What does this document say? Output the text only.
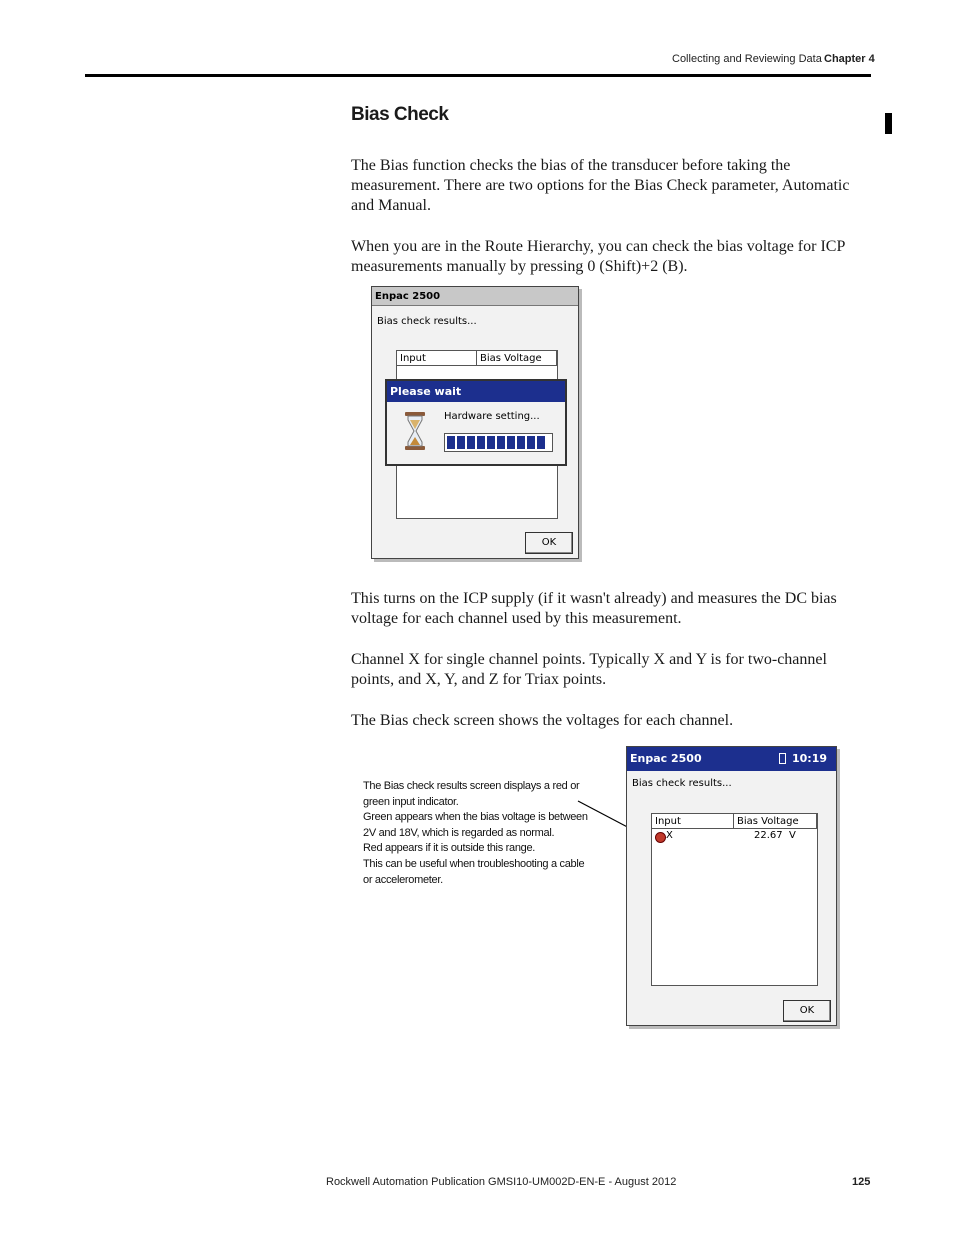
Collecting and Reviewing Data Chapter 4
Bias Check

The Bias function checks the bias of the transducer before taking the measurement. There are two options for the Bias Check parameter, Automatic and Manual.

When you are in the Route Hierarchy, you can check the bias voltage for ICP measurements manually by pressing 0 (Shift)+2 (B).

Enpac 2500
Bias check results...
Input	Bias Voltage
OK
Please wait
Hardware setting...

This turns on the ICP supply (if it wasn't already) and measures the DC bias voltage for each channel used by this measurement.

Channel X for single channel points. Typically X and Y is for two-channel points, and X, Y, and Z for Triax points.

The Bias check screen shows the voltages for each channel.

The Bias check results screen displays a red or green input indicator.
Green appears when the bias voltage is between 2V and 18V, which is regarded as normal.
Red appears if it is outside this range.
This can be useful when troubleshooting a cable or accelerometer.
Enpac 2500	10:19
Bias check results...
Input	Bias Voltage
X	22.67  V
OK
Rockwell Automation Publication GMSI10-UM002D-EN-E - August 2012	125
